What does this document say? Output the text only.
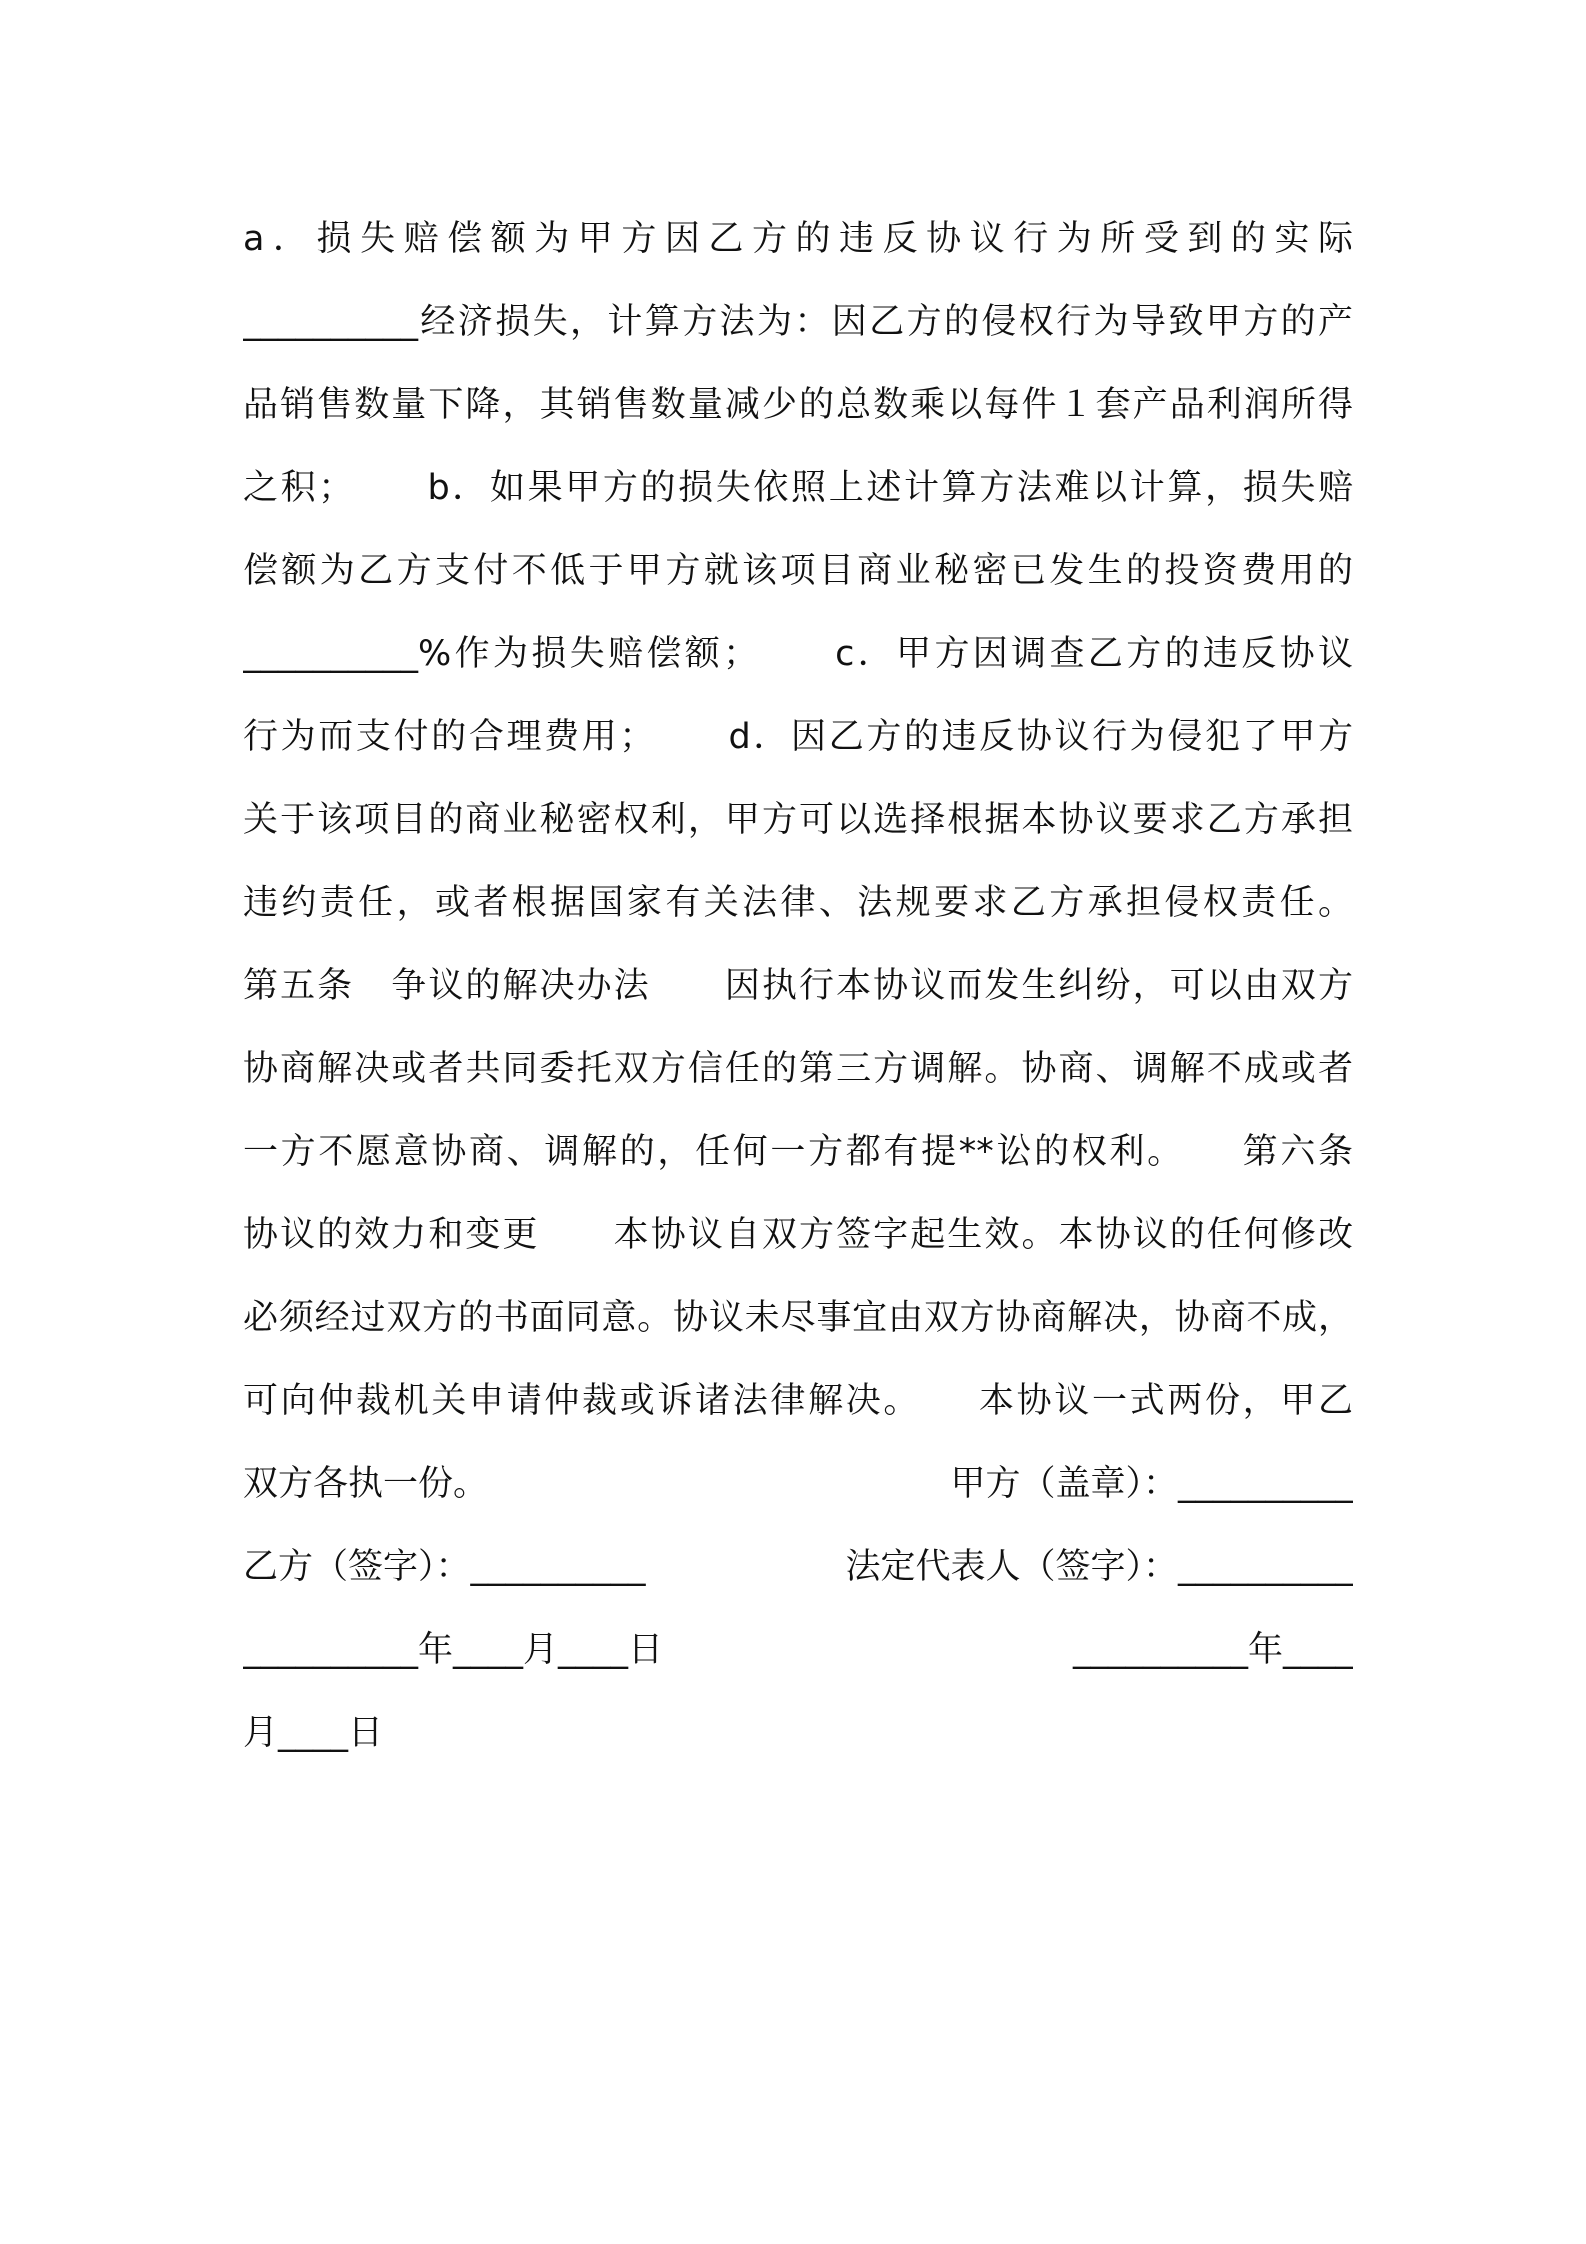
a．损失赔偿额为甲方因乙方的违反协议行为所受到的实际
__________经济损失，计算方法为：因乙方的侵权行为导致甲方的产
品销售数量下降，其销售数量减少的总数乘以每件１套产品利润所得
之积；　　 b．如果甲方的损失依照上述计算方法难以计算，损失赔
偿额为乙方支付不低于甲方就该项目商业秘密已发生的投资费用的
__________%作为损失赔偿额；　　 c．甲方因调查乙方的违反协议
行为而支付的合理费用；　　 d．因乙方的违反协议行为侵犯了甲方
关于该项目的商业秘密权利，甲方可以选择根据本协议要求乙方承担
违约责任，或者根据国家有关法律、法规要求乙方承担侵权责任。
第五条　争议的解决办法　　因执行本协议而发生纠纷，可以由双方
协商解决或者共同委托双方信任的第三方调解。协商、调解不成或者
一方不愿意协商、调解的，任何一方都有提**讼的权利。　　第六条
协议的效力和变更　　本协议自双方签字起生效。本协议的任何修改
必须经过双方的书面同意。协议未尽事宜由双方协商解决，协商不成，
可向仲裁机关申请仲裁或诉诸法律解决。　　本协议一式两份，甲乙
双方各执一份。	甲方（盖章）：__________
乙方（签字）：__________	法定代表人（签字）：__________
__________年____月____日	__________年____
月____日
